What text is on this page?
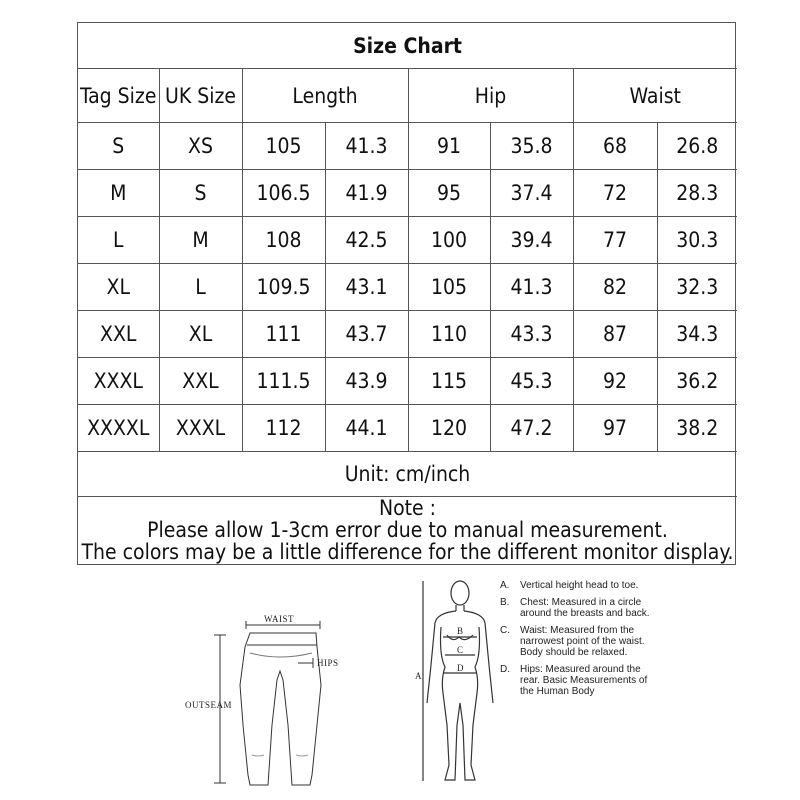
Size Chart							
Tag Size	UK Size	Length		Hip		Waist	
S	XS	105	41.3	91	35.8	68	26.8
M	S	106.5	41.9	95	37.4	72	28.3
L	M	108	42.5	100	39.4	77	30.3
XL	L	109.5	43.1	105	41.3	82	32.3
XXL	XL	111	43.7	110	43.3	87	34.3
XXXL	XXL	111.5	43.9	115	45.3	92	36.2
XXXXL	XXXL	112	44.1	120	47.2	97	38.2
Unit: cm/inch							

Note :
Please allow 1-3cm error due to manual measurement.
The colors may be a little difference for the different monitor display.							
WAIST
HIPS
OUTSEAM
B
C
D
A
A.	Vertical height head to toe.
B.	Chest: Measured in a circle around the breasts and back.
C.	Waist: Measured from the narrowest point of the waist. Body should be relaxed.
D.	Hips: Measured around the rear. Basic Measurements of the Human Body
